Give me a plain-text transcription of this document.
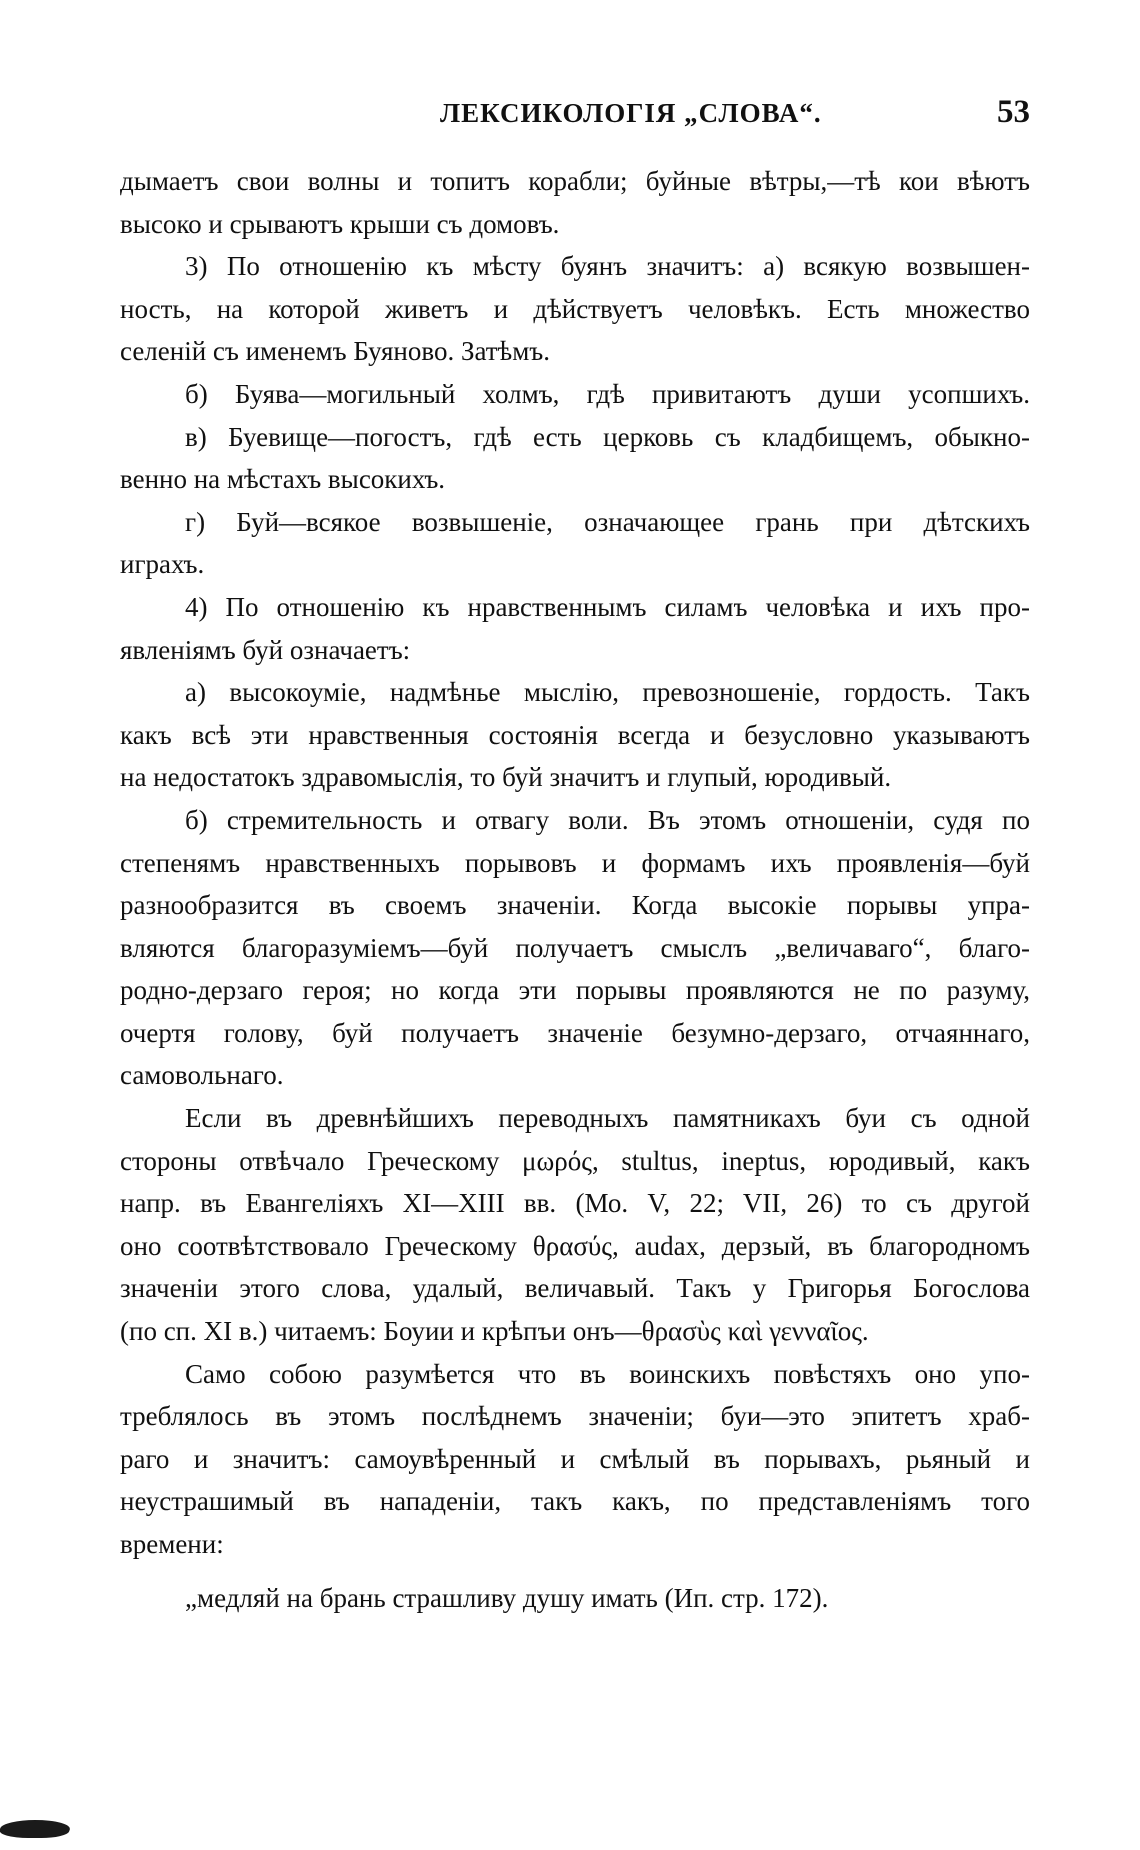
ЛЕКСИКОЛОГІЯ „СЛОВА“.	53
дымаетъ свои волны и топитъ корабли; буйные вѣтры,—тѣ кои вѣютъ
высоко и срываютъ крыши съ домовъ.
3) По отношенію къ мѣсту буянъ значитъ: а) всякую возвышен-
ность, на которой живетъ и дѣйствуетъ человѣкъ. Есть множество
селеній съ именемъ Буяново. Затѣмъ.
б) Буява—могильный холмъ, гдѣ привитаютъ души усопшихъ.
в) Буевище—погостъ, гдѣ есть церковь съ кладбищемъ, обыкно-
венно на мѣстахъ высокихъ.
г) Буй—всякое возвышеніе, означающее грань при дѣтскихъ
играхъ.
4) По отношенію къ нравственнымъ силамъ человѣка и ихъ про-
явленіямъ буй означаетъ:
а) высокоуміе, надмѣнье мыслію, превозношеніе, гордость. Такъ
какъ всѣ эти нравственныя состоянія всегда и безусловно указываютъ
на недостатокъ здравомыслія, то буй значитъ и глупый, юродивый.
б) стремительность и отвагу воли. Въ этомъ отношеніи, судя по
степенямъ нравственныхъ порывовъ и формамъ ихъ проявленія—буй
разнообразится въ своемъ значеніи. Когда высокіе порывы упра-
вляются благоразуміемъ—буй получаетъ смыслъ „величаваго“, благо-
родно-дерзаго героя; но когда эти порывы проявляются не по разуму,
очертя голову, буй получаетъ значеніе безумно-дерзаго, отчаяннаго,
самовольнаго.
Если въ древнѣйшихъ переводныхъ памятникахъ буи съ одной
стороны отвѣчало Греческому μωρός, stultus, ineptus, юродивый, какъ
напр. въ Евангеліяхъ XI—XIII вв. (Мо. V, 22; VII, 26) то съ другой
оно соотвѣтствовало Греческому θρασύς, audax, дерзый, въ благородномъ
значеніи этого слова, удалый, величавый. Такъ у Григорья Богослова
(по сп. XI в.) читаемъ: Боуии и крѣпъи онъ—θρασὺς καὶ γενναῖος.
Само собою разумѣется что въ воинскихъ повѣстяхъ оно упо-
треблялось въ этомъ послѣднемъ значеніи; буи—это эпитетъ храб-
раго и значитъ: самоувѣренный и смѣлый въ порывахъ, рьяный и
неустрашимый въ нападеніи, такъ какъ, по представленіямъ того
времени:
„медляй на брань страшливу душу имать (Ип. стр. 172).
